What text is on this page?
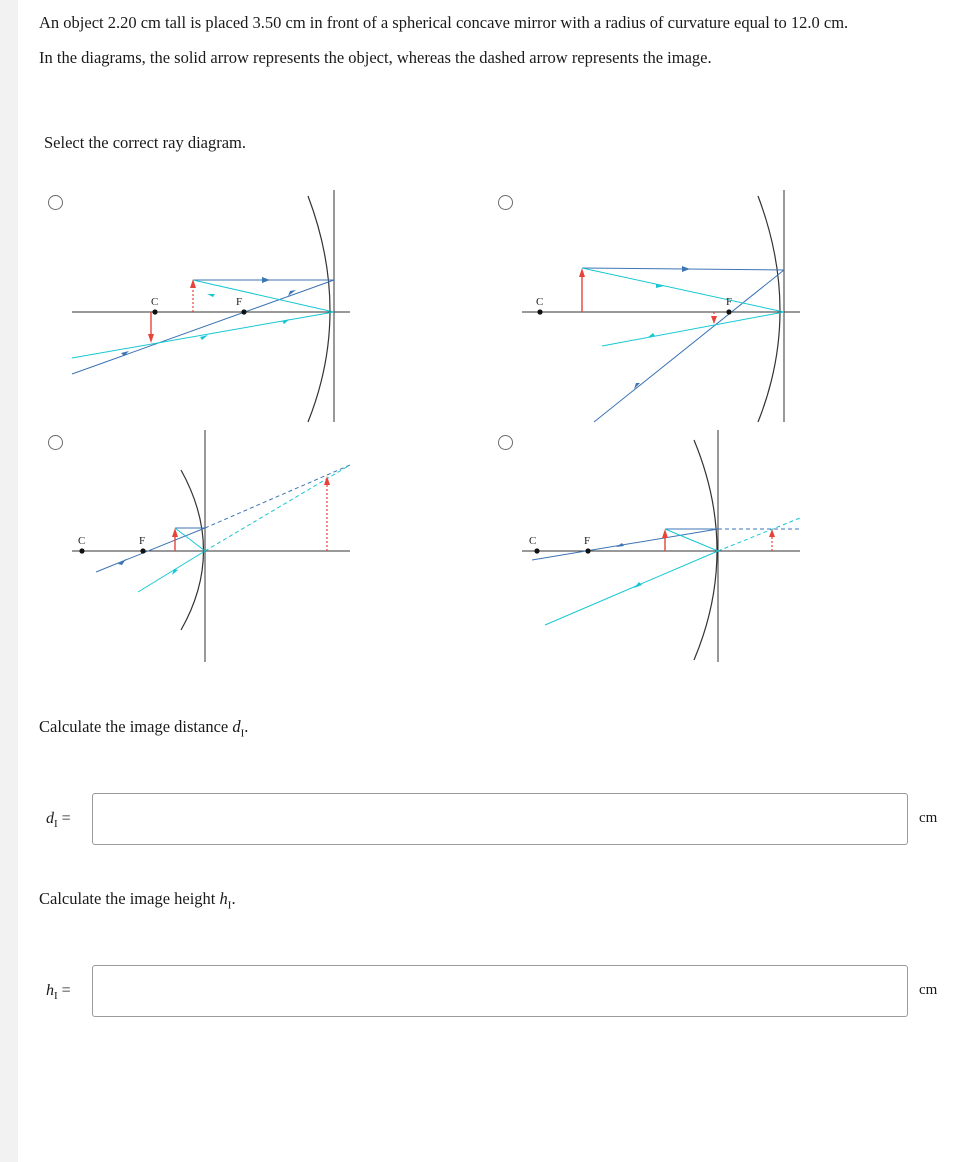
An object 2.20 cm tall is placed 3.50 cm in front of a spherical concave mirror with a radius of curvature equal to 12.0 cm.
In the diagrams, the solid arrow represents the object, whereas the dashed arrow represents the image.
Select the correct ray diagram.
C	F	C	F
C	F	C	F
Calculate the image distance $d_I$.
$d_I$ =	cm
Calculate the image height $h_I$.
$h_I$ =	cm
